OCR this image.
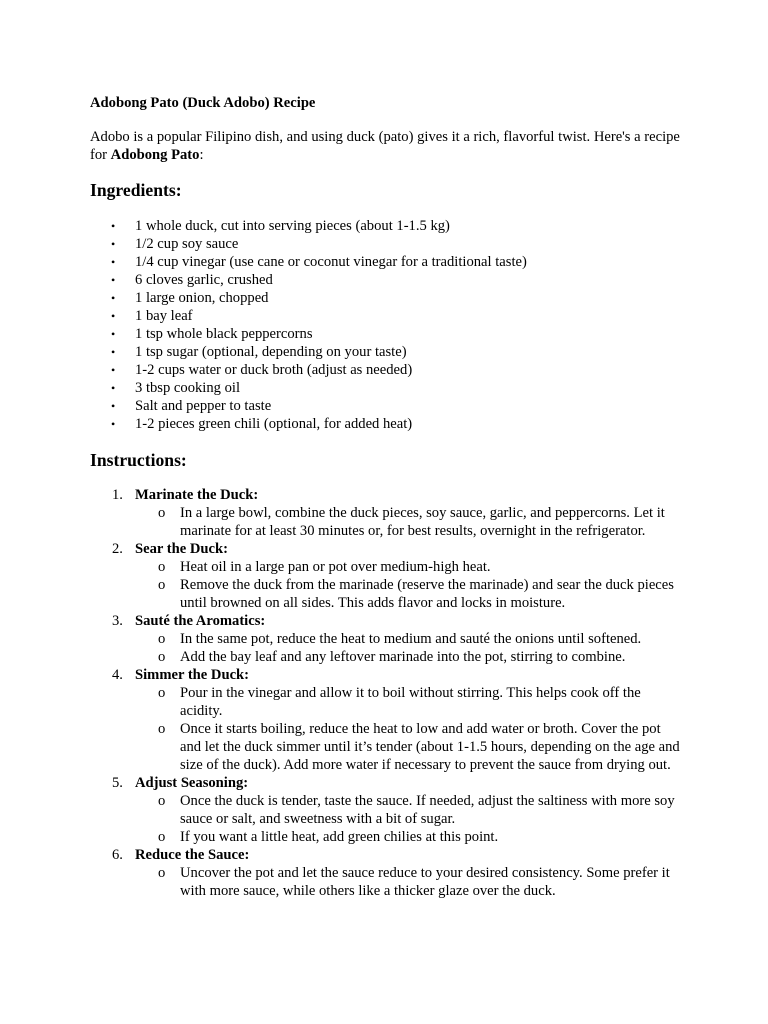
Adobong Pato (Duck Adobo) Recipe

Adobo is a popular Filipino dish, and using duck (pato) gives it a rich, flavorful twist. Here's a recipe for Adobong Pato:

Ingredients:
• 1 whole duck, cut into serving pieces (about 1-1.5 kg)
• 1/2 cup soy sauce
• 1/4 cup vinegar (use cane or coconut vinegar for a traditional taste)
• 6 cloves garlic, crushed
• 1 large onion, chopped
• 1 bay leaf
• 1 tsp whole black peppercorns
• 1 tsp sugar (optional, depending on your taste)
• 1-2 cups water or duck broth (adjust as needed)
• 3 tbsp cooking oil
• Salt and pepper to taste
• 1-2 pieces green chili (optional, for added heat)
Instructions:
1. Marinate the Duck:
o In a large bowl, combine the duck pieces, soy sauce, garlic, and peppercorns. Let it marinate for at least 30 minutes or, for best results, overnight in the refrigerator.
2. Sear the Duck:
o Heat oil in a large pan or pot over medium-high heat.
o Remove the duck from the marinade (reserve the marinade) and sear the duck pieces until browned on all sides. This adds flavor and locks in moisture.
3. Sauté the Aromatics:
o In the same pot, reduce the heat to medium and sauté the onions until softened.
o Add the bay leaf and any leftover marinade into the pot, stirring to combine.
4. Simmer the Duck:
o Pour in the vinegar and allow it to boil without stirring. This helps cook off the acidity.
o Once it starts boiling, reduce the heat to low and add water or broth. Cover the pot and let the duck simmer until it’s tender (about 1-1.5 hours, depending on the age and size of the duck). Add more water if necessary to prevent the sauce from drying out.
5. Adjust Seasoning:
o Once the duck is tender, taste the sauce. If needed, adjust the saltiness with more soy sauce or salt, and sweetness with a bit of sugar.
o If you want a little heat, add green chilies at this point.
6. Reduce the Sauce:
o Uncover the pot and let the sauce reduce to your desired consistency. Some prefer it with more sauce, while others like a thicker glaze over the duck.
